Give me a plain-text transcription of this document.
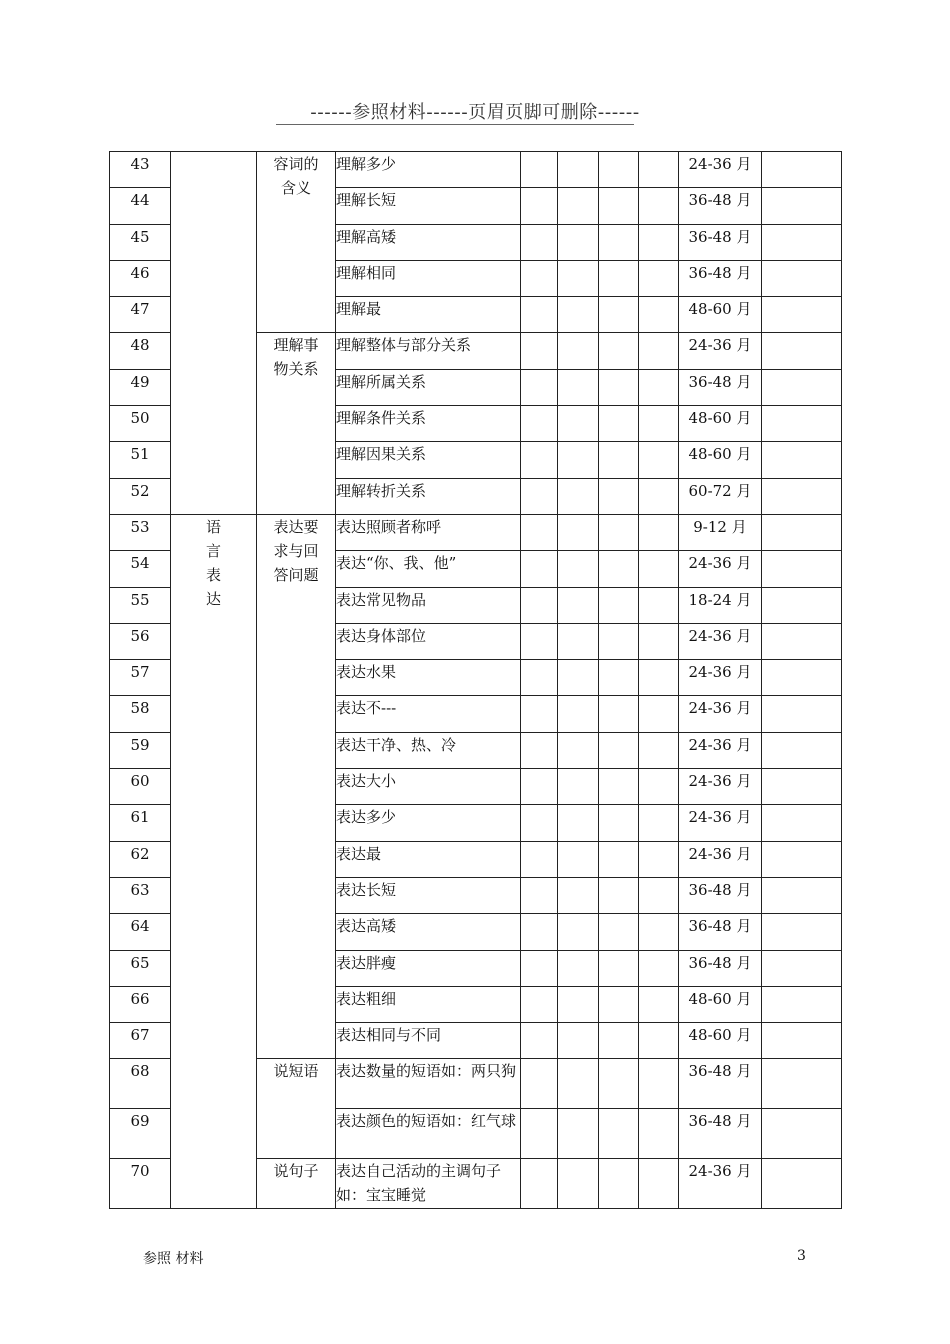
------参照材料------页眉页脚可删除------
43		容词的含义	理解多少					24-36 月	
44			理解长短					36-48 月	
45			理解高矮					36-48 月	
46			理解相同					36-48 月	
47			理解最					48-60 月	
48		理解事物关系	理解整体与部分关系					24-36 月	
49			理解所属关系					36-48 月	
50			理解条件关系					48-60 月	
51			理解因果关系					48-60 月	
52			理解转折关系					60-72 月	
53	语
言
表
达	表达要求与回答问题	表达照顾者称呼					9-12 月	
54			表达“你、我、他”					24-36 月	
55			表达常见物品					18-24 月	
56			表达身体部位					24-36 月	
57			表达水果					24-36 月	
58			表达不---					24-36 月	
59			表达干净、热、冷					24-36 月	
60			表达大小					24-36 月	
61			表达多少					24-36 月	
62			表达最					24-36 月	
63			表达长短					36-48 月	
64			表达高矮					36-48 月	
65			表达胖瘦					36-48 月	
66			表达粗细					48-60 月	
67			表达相同与不同					48-60 月	
68		说短语	表达数量的短语如：两只狗					36-48 月	
69			表达颜色的短语如：红气球					36-48 月	
70		说句子	表达自己活动的主调句子如：宝宝睡觉					24-36 月	
参照 材料	3
